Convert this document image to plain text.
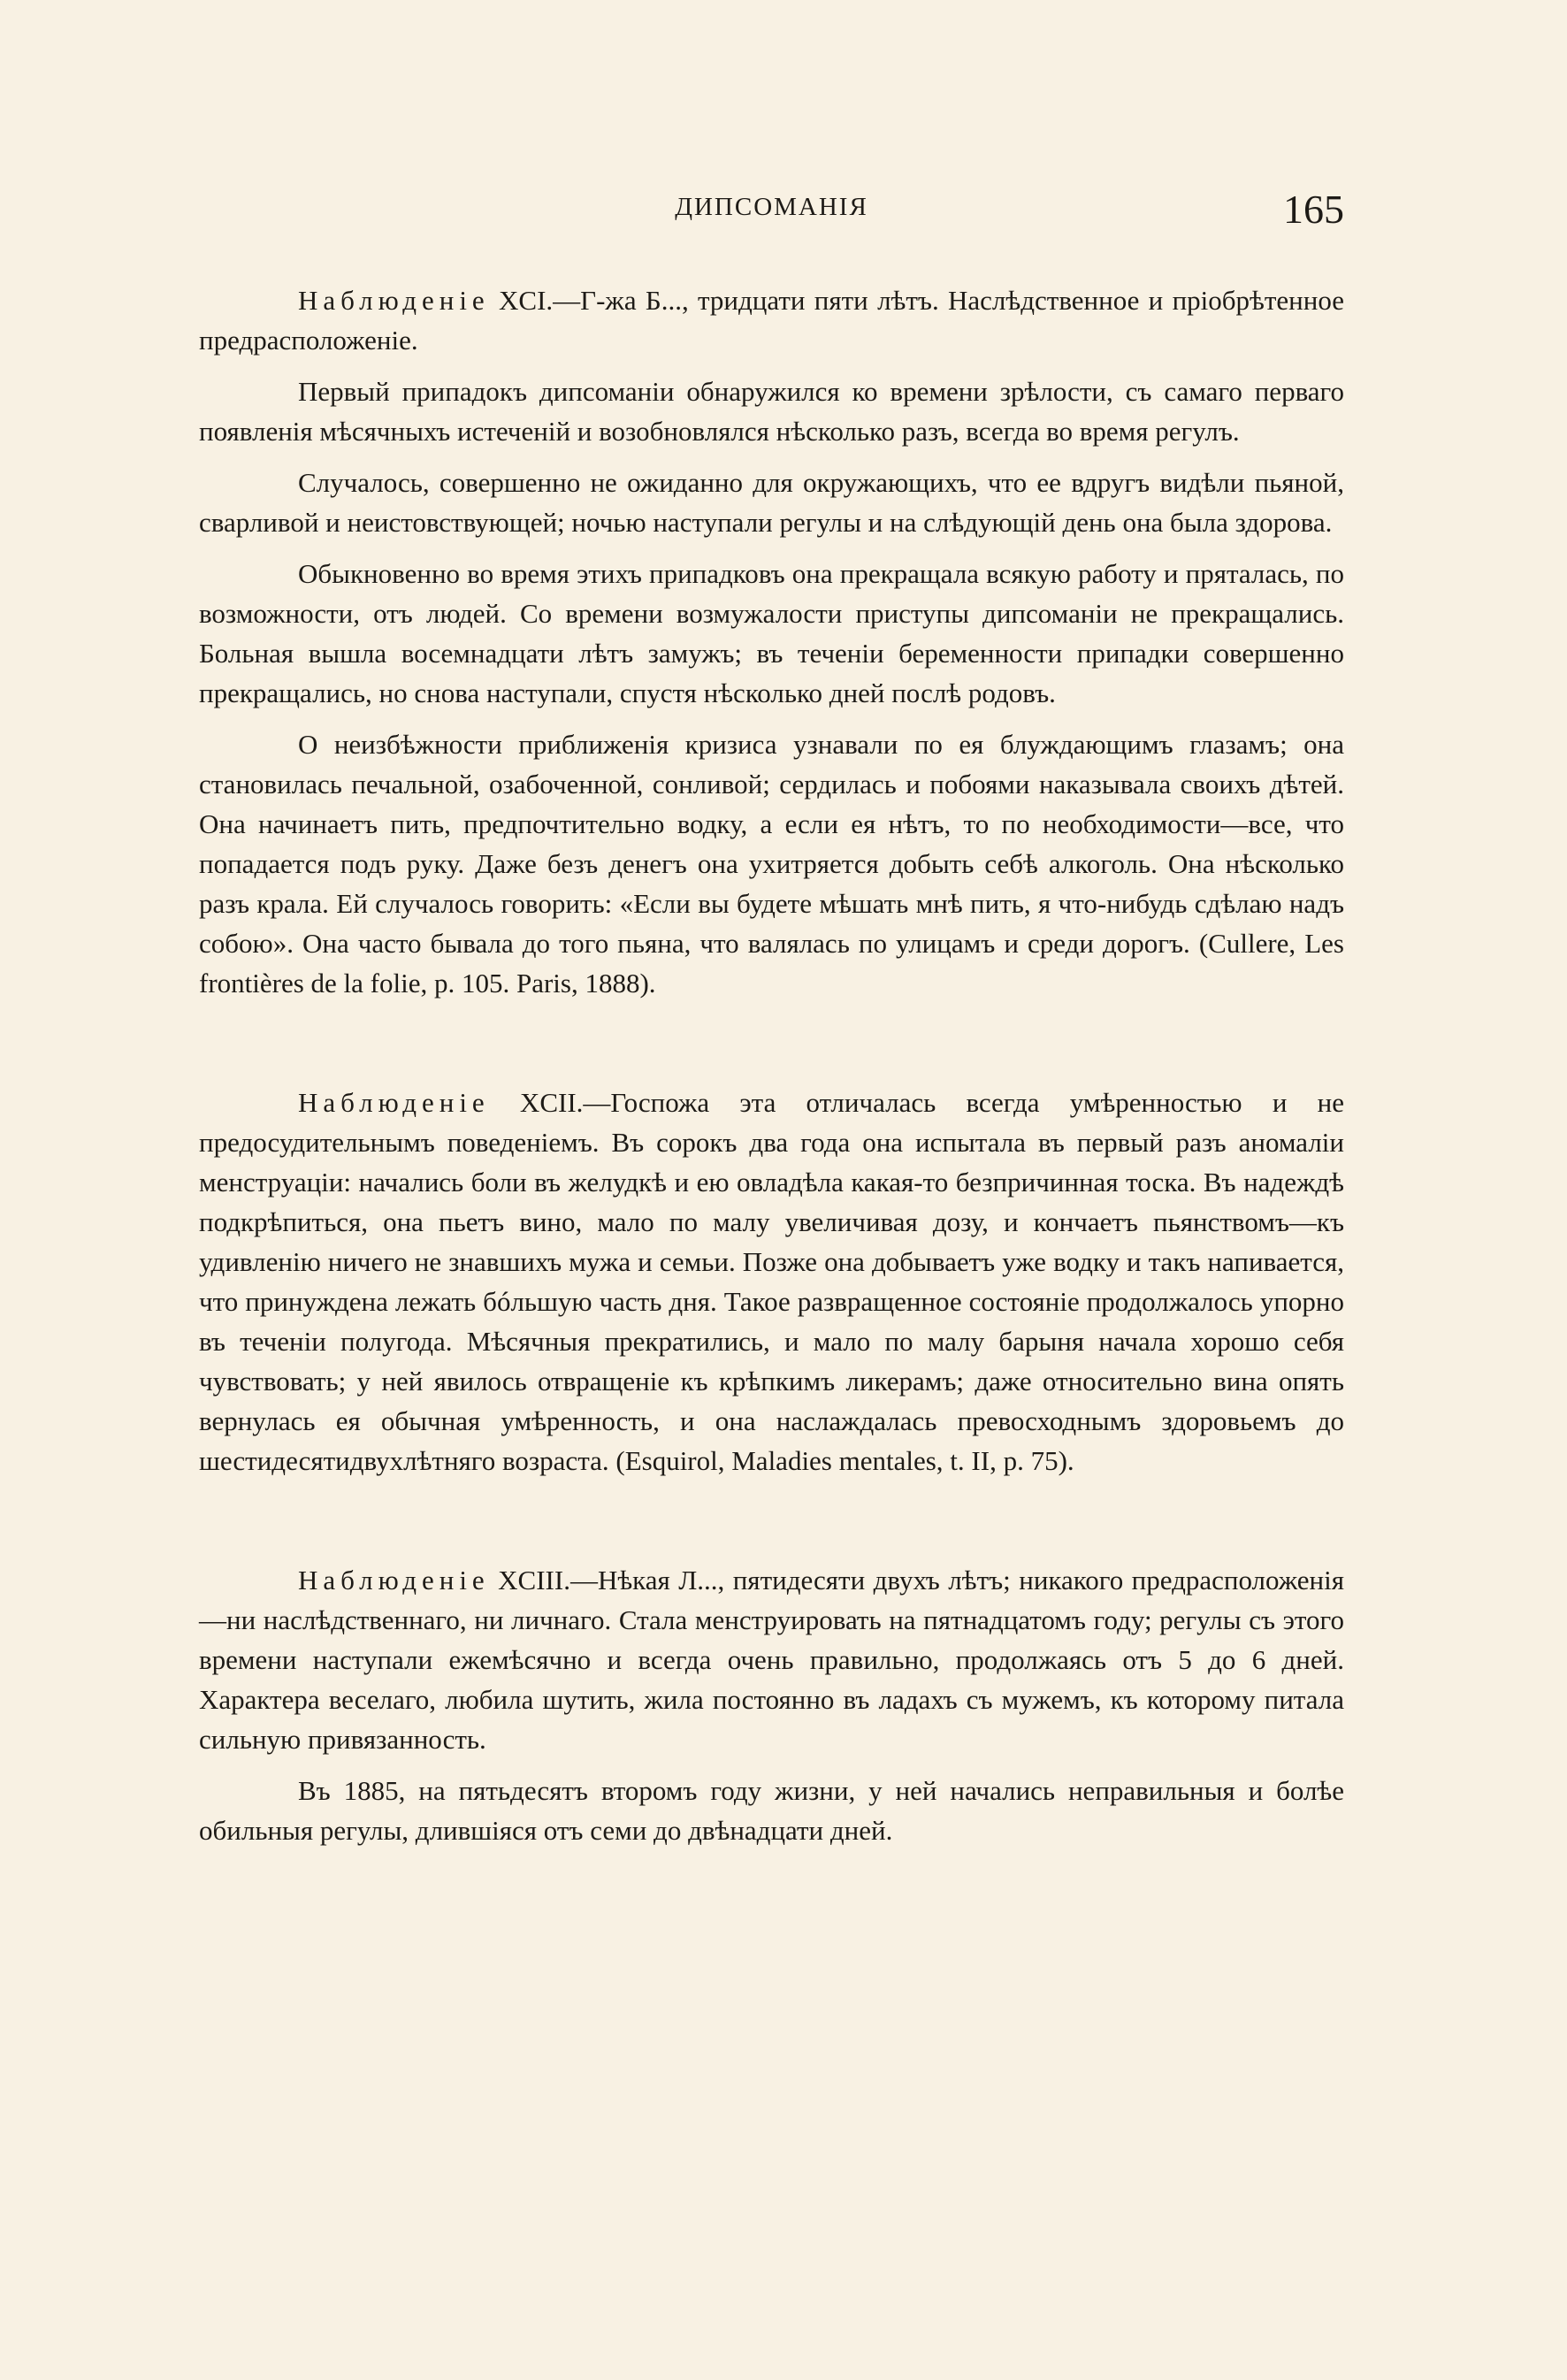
ДИПСОМАНІЯ	165

Наблюденіе XCI.—Г-жа Б..., тридцати пяти лѣтъ. Наслѣдственное и пріобрѣтенное предрасположеніе.

Первый припадокъ дипсоманіи обнаружился ко времени зрѣлости, съ самаго перваго появленія мѣсячныхъ истеченій и возобновлялся нѣсколько разъ, всегда во время регулъ.

Случалось, совершенно не ожиданно для окружающихъ, что ее вдругъ видѣли пьяной, сварливой и неистовствующей; ночью наступали регулы и на слѣдующій день она была здорова.

Обыкновенно во время этихъ припадковъ она прекращала всякую работу и пряталась, по возможности, отъ людей. Со времени возмужалости приступы дипсоманіи не прекращались. Больная вышла восемнадцати лѣтъ замужъ; въ теченіи беременности припадки совершенно прекращались, но снова наступали, спустя нѣсколько дней послѣ родовъ.

О неизбѣжности приближенія кризиса узнавали по ея блуждающимъ глазамъ; она становилась печальной, озабоченной, сонливой; сердилась и побоями наказывала своихъ дѣтей. Она начинаетъ пить, предпочтительно водку, а если ея нѣтъ, то по необходимости—все, что попадается подъ руку. Даже безъ денегъ она ухитряется добыть себѣ алкоголь. Она нѣсколько разъ крала. Ей случалось говорить: «Если вы будете мѣшать мнѣ пить, я что-нибудь сдѣлаю надъ собою». Она часто бывала до того пьяна, что валялась по улицамъ и среди дорогъ. (Cullere, Les frontières de la folie, p. 105. Paris, 1888).

Наблюденіе XCII.—Госпожа эта отличалась всегда умѣренностью и не предосудительнымъ поведеніемъ. Въ сорокъ два года она испытала въ первый разъ аномаліи менструаціи: начались боли въ желудкѣ и ею овладѣла какая-то безпричинная тоска. Въ надеждѣ подкрѣпиться, она пьетъ вино, мало по малу увеличивая дозу, и кончаетъ пьянствомъ—къ удивленію ничего не знавшихъ мужа и семьи. Позже она добываетъ уже водку и такъ напивается, что принуждена лежать бóльшую часть дня. Такое развращенное состояніе продолжалось упорно въ теченіи полугода. Мѣсячныя прекратились, и мало по малу барыня начала хорошо себя чувствовать; у ней явилось отвращеніе къ крѣпкимъ ликерамъ; даже относительно вина опять вернулась ея обычная умѣренность, и она наслаждалась превосходнымъ здоровьемъ до шестидесятидвухлѣтняго возраста. (Esquirol, Maladies mentales, t. II, p. 75).

Наблюденіе XCIII.—Нѣкая Л..., пятидесяти двухъ лѣтъ; никакого предрасположенія—ни наслѣдственнаго, ни личнаго. Стала менструировать на пятнадцатомъ году; регулы съ этого времени наступали ежемѣсячно и всегда очень правильно, продолжаясь отъ 5 до 6 дней. Характера веселаго, любила шутить, жила постоянно въ ладахъ съ мужемъ, къ которому питала сильную привязанность.

Въ 1885, на пятьдесятъ второмъ году жизни, у ней начались неправильныя и болѣе обильныя регулы, длившіяся отъ семи до двѣнадцати дней.
